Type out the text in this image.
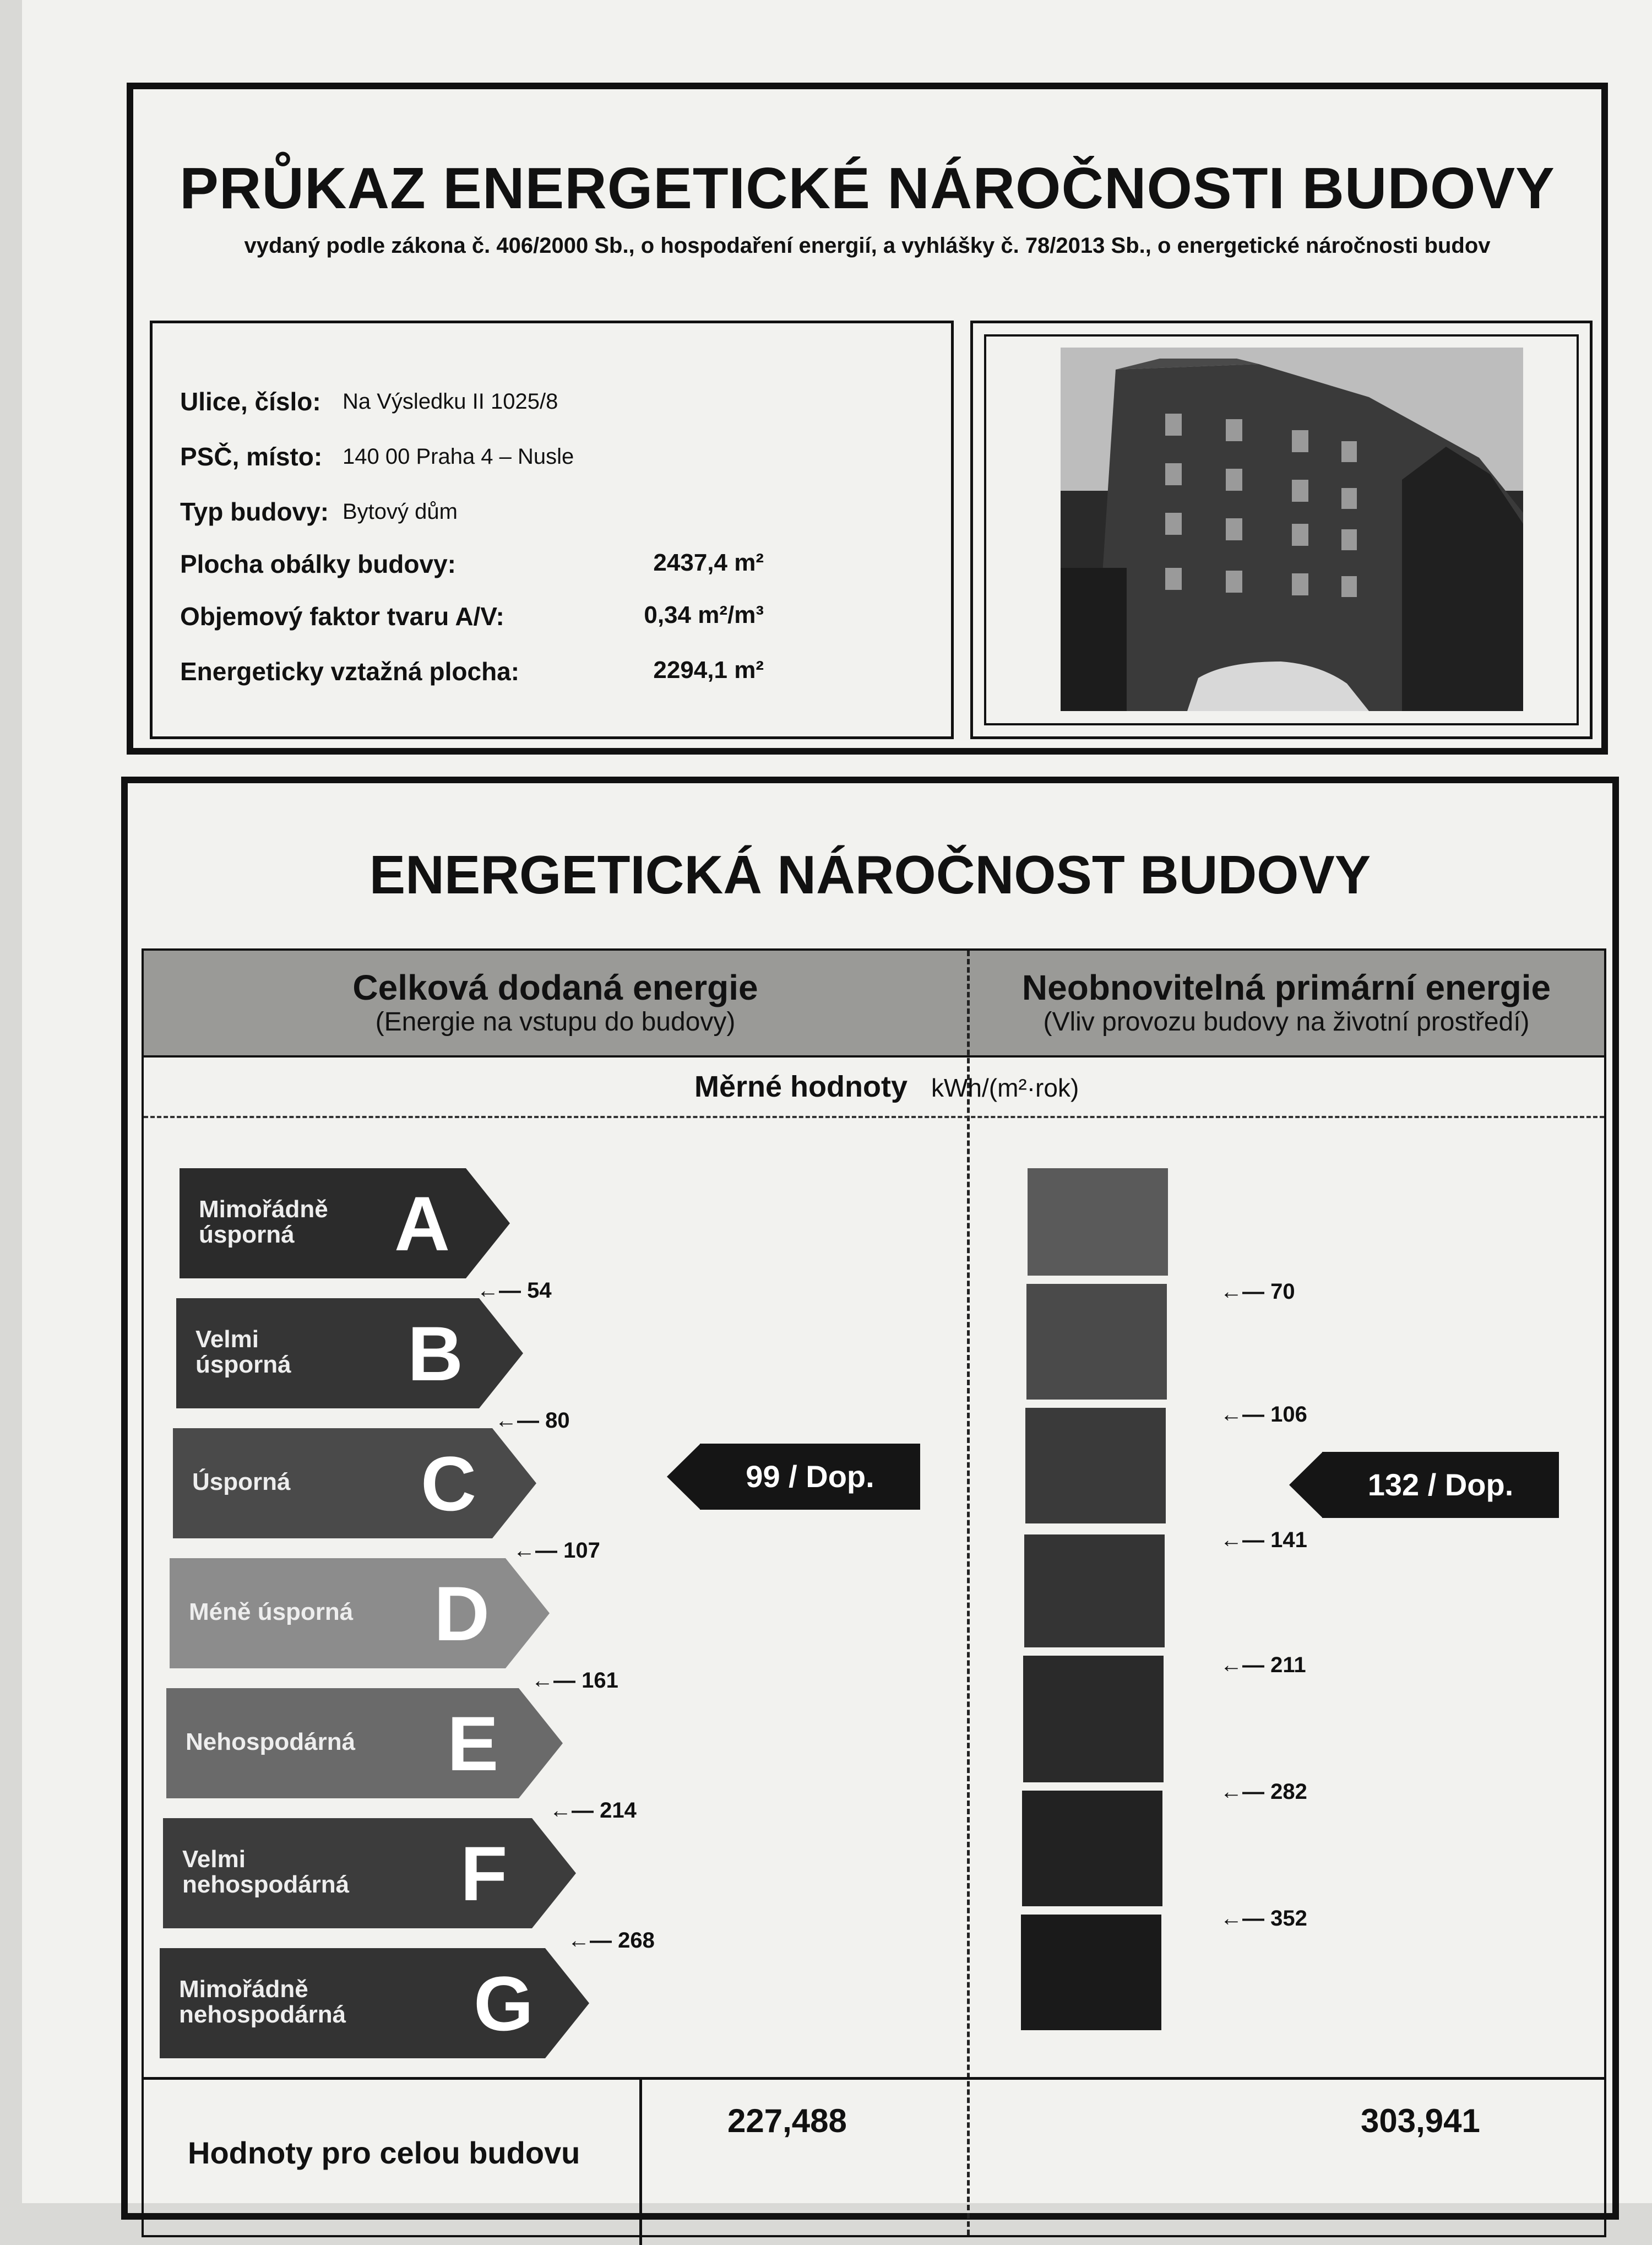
PRŮKAZ ENERGETICKÉ NÁROČNOSTI BUDOVY
vydaný podle zákona č. 406/2000 Sb., o hospodaření energií, a vyhlášky č. 78/2013 Sb., o energetické náročnosti budov
Ulice, číslo: Na Výsledku II 1025/8
PSČ, místo: 140 00 Praha 4 – Nusle
Typ budovy: Bytový dům
Plocha obálky budovy:	2437,4 m²
Objemový faktor tvaru A/V:	0,34 m²/m³
Energeticky vztažná plocha:	2294,1 m²
ENERGETICKÁ NÁROČNOST BUDOVY
Celková dodaná energie
(Energie na vstupu do budovy)
Neobnovitelná primární energie
(Vliv provozu budovy na životní prostředí)
Měrné hodnoty kWh/(m²·rok)
Mimořádně
úsporná	A
Velmi
úsporná B
Úsporná C
Méně úsporná D
Nehospodárná E
Velmi
nehospodárná F
Mimořádně
nehospodárná G
←— 54
←— 80
←— 107
←— 161
←— 214
←— 268
99 / Dop.
←— 70
←— 106
←— 141
←— 211
←— 282
←— 352
132 / Dop.
Hodnoty pro celou budovu
227,488	303,941
